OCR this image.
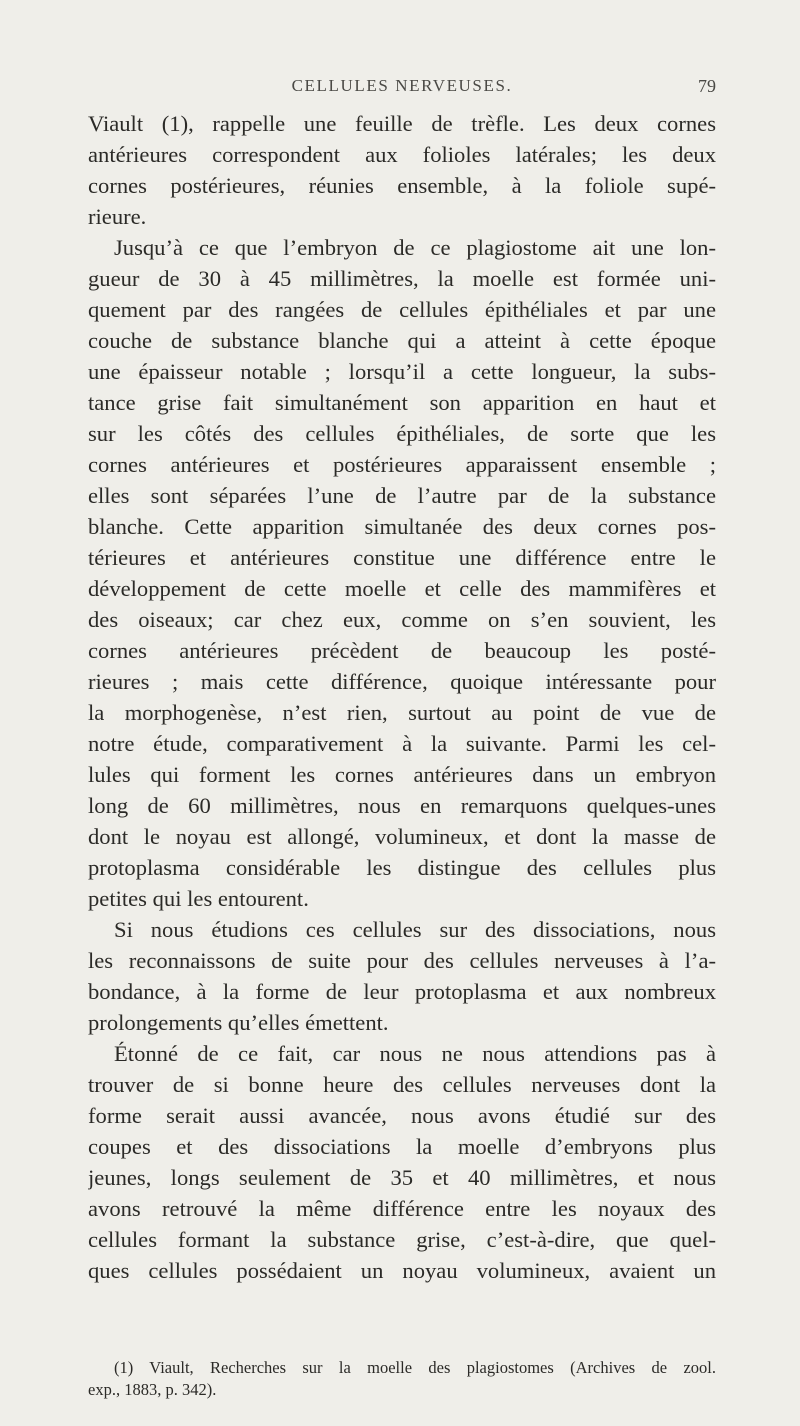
CELLULES NERVEUSES.	79
Viault (1), rappelle une feuille de trèfle. Les deux cornes
antérieures correspondent aux folioles latérales; les deux
cornes postérieures, réunies ensemble, à la foliole supé-
rieure.
Jusqu’à ce que l’embryon de ce plagiostome ait une lon-
gueur de 30 à 45 millimètres, la moelle est formée uni-
quement par des rangées de cellules épithéliales et par une
couche de substance blanche qui a atteint à cette époque
une épaisseur notable ; lorsqu’il a cette longueur, la subs-
tance grise fait simultanément son apparition en haut et
sur les côtés des cellules épithéliales, de sorte que les
cornes antérieures et postérieures apparaissent ensemble ;
elles sont séparées l’une de l’autre par de la substance
blanche. Cette apparition simultanée des deux cornes pos-
térieures et antérieures constitue une différence entre le
développement de cette moelle et celle des mammifères et
des oiseaux; car chez eux, comme on s’en souvient, les
cornes antérieures précèdent de beaucoup les posté-
rieures ; mais cette différence, quoique intéressante pour
la morphogenèse, n’est rien, surtout au point de vue de
notre étude, comparativement à la suivante. Parmi les cel-
lules qui forment les cornes antérieures dans un embryon
long de 60 millimètres, nous en remarquons quelques-unes
dont le noyau est allongé, volumineux, et dont la masse de
protoplasma considérable les distingue des cellules plus
petites qui les entourent.
Si nous étudions ces cellules sur des dissociations, nous
les reconnaissons de suite pour des cellules nerveuses à l’a-
bondance, à la forme de leur protoplasma et aux nombreux
prolongements qu’elles émettent.
Étonné de ce fait, car nous ne nous attendions pas à
trouver de si bonne heure des cellules nerveuses dont la
forme serait aussi avancée, nous avons étudié sur des
coupes et des dissociations la moelle d’embryons plus
jeunes, longs seulement de 35 et 40 millimètres, et nous
avons retrouvé la même différence entre les noyaux des
cellules formant la substance grise, c’est-à-dire, que quel-
ques cellules possédaient un noyau volumineux, avaient un
(1) Viault, Recherches sur la moelle des plagiostomes (Archives de zool.
exp., 1883, p. 342).
